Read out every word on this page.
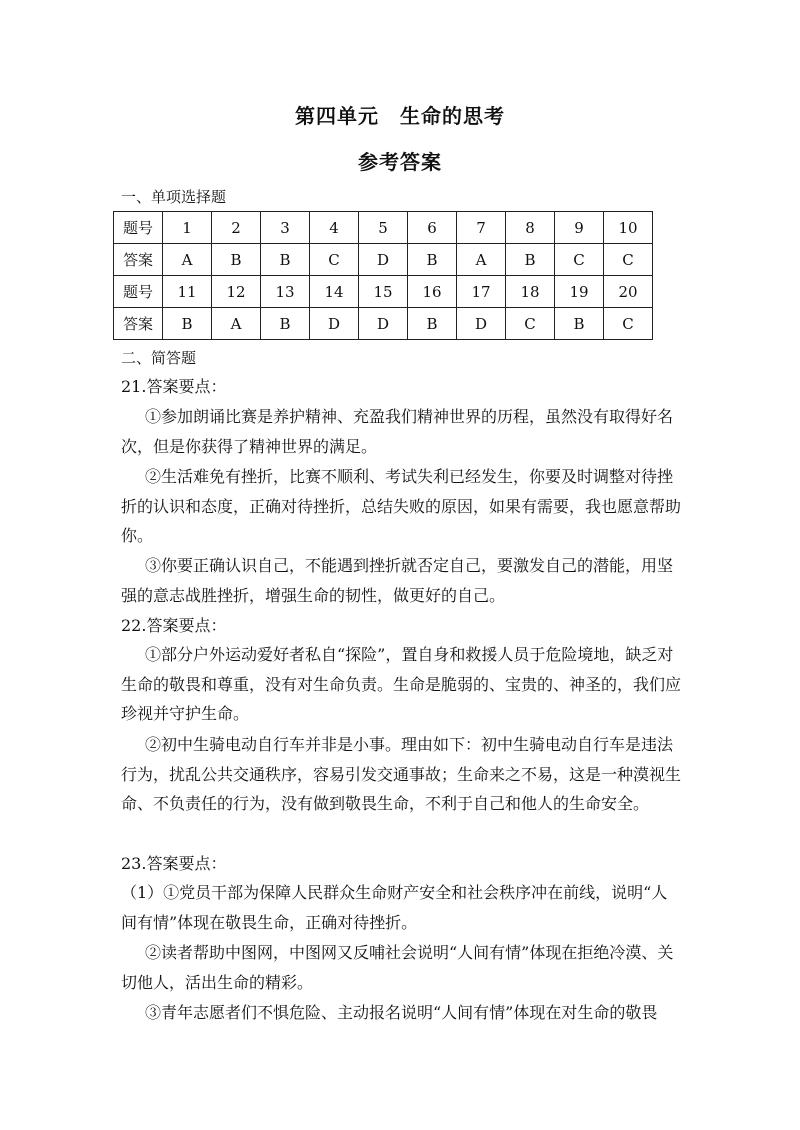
第四单元　生命的思考
参考答案
一、单项选择题
题号	1	2	3	4	5	6	7	8	9	10
答案	A	B	B	C	D	B	A	B	C	C
题号	11	12	13	14	15	16	17	18	19	20
答案	B	A	B	D	D	B	D	C	B	C
二、简答题
21.答案要点：
①参加朗诵比赛是养护精神、充盈我们精神世界的历程，虽然没有取得好名次，但是你获得了精神世界的满足。
②生活难免有挫折，比赛不顺利、考试失利已经发生，你要及时调整对待挫折的认识和态度，正确对待挫折，总结失败的原因，如果有需要，我也愿意帮助你。
③你要正确认识自己，不能遇到挫折就否定自己，要激发自己的潜能，用坚强的意志战胜挫折，增强生命的韧性，做更好的自己。
22.答案要点：
①部分户外运动爱好者私自“探险”，置自身和救援人员于危险境地，缺乏对生命的敬畏和尊重，没有对生命负责。生命是脆弱的、宝贵的、神圣的，我们应珍视并守护生命。
②初中生骑电动自行车并非是小事。理由如下：初中生骑电动自行车是违法行为，扰乱公共交通秩序，容易引发交通事故；生命来之不易，这是一种漠视生命、不负责任的行为，没有做到敬畏生命，不利于自己和他人的生命安全。
23.答案要点：
（1）①党员干部为保障人民群众生命财产安全和社会秩序冲在前线，说明“人间有情”体现在敬畏生命，正确对待挫折。
②读者帮助中图网，中图网又反哺社会说明“人间有情”体现在拒绝冷漠、关切他人，活出生命的精彩。
③青年志愿者们不惧危险、主动报名说明“人间有情”体现在对生命的敬畏
